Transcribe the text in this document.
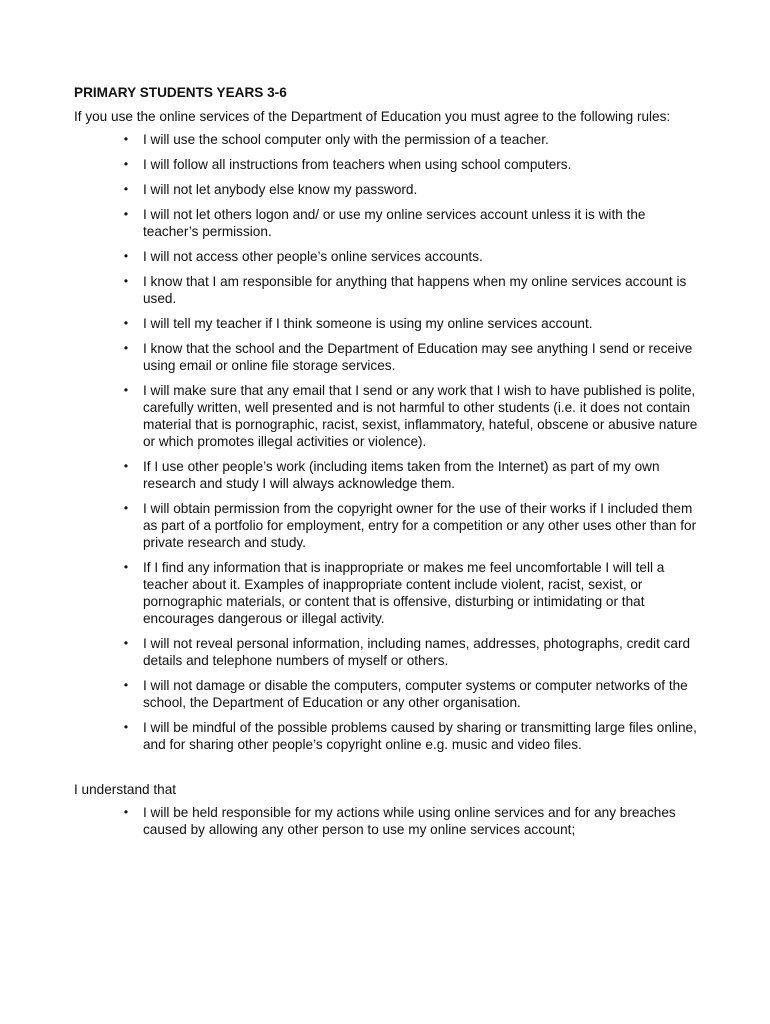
PRIMARY STUDENTS YEARS 3-6
If you use the online services of the Department of Education you must agree to the following rules:
• I will use the school computer only with the permission of a teacher.
• I will follow all instructions from teachers when using school computers.
• I will not let anybody else know my password.
• I will not let others logon and/ or use my online services account unless it is with the teacher’s permission.
• I will not access other people’s online services accounts.
• I know that I am responsible for anything that happens when my online services account is used.
• I will tell my teacher if I think someone is using my online services account.
• I know that the school and the Department of Education may see anything I send or receive using email or online file storage services.
• I will make sure that any email that I send or any work that I wish to have published is polite, carefully written, well presented and is not harmful to other students (i.e. it does not contain material that is pornographic, racist, sexist, inflammatory, hateful, obscene or abusive nature or which promotes illegal activities or violence).
• If I use other people’s work (including items taken from the Internet) as part of my own research and study I will always acknowledge them.
• I will obtain permission from the copyright owner for the use of their works if I included them as part of a portfolio for employment, entry for a competition or any other uses other than for private research and study.
• If I find any information that is inappropriate or makes me feel uncomfortable I will tell a teacher about it. Examples of inappropriate content include violent, racist, sexist, or pornographic materials, or content that is offensive, disturbing or intimidating or that encourages dangerous or illegal activity.
• I will not reveal personal information, including names, addresses, photographs, credit card details and telephone numbers of myself or others.
• I will not damage or disable the computers, computer systems or computer networks of the school, the Department of Education or any other organisation.
• I will be mindful of the possible problems caused by sharing or transmitting large files online, and for sharing other people’s copyright online e.g. music and video files.
I understand that
• I will be held responsible for my actions while using online services and for any breaches caused by allowing any other person to use my online services account;
